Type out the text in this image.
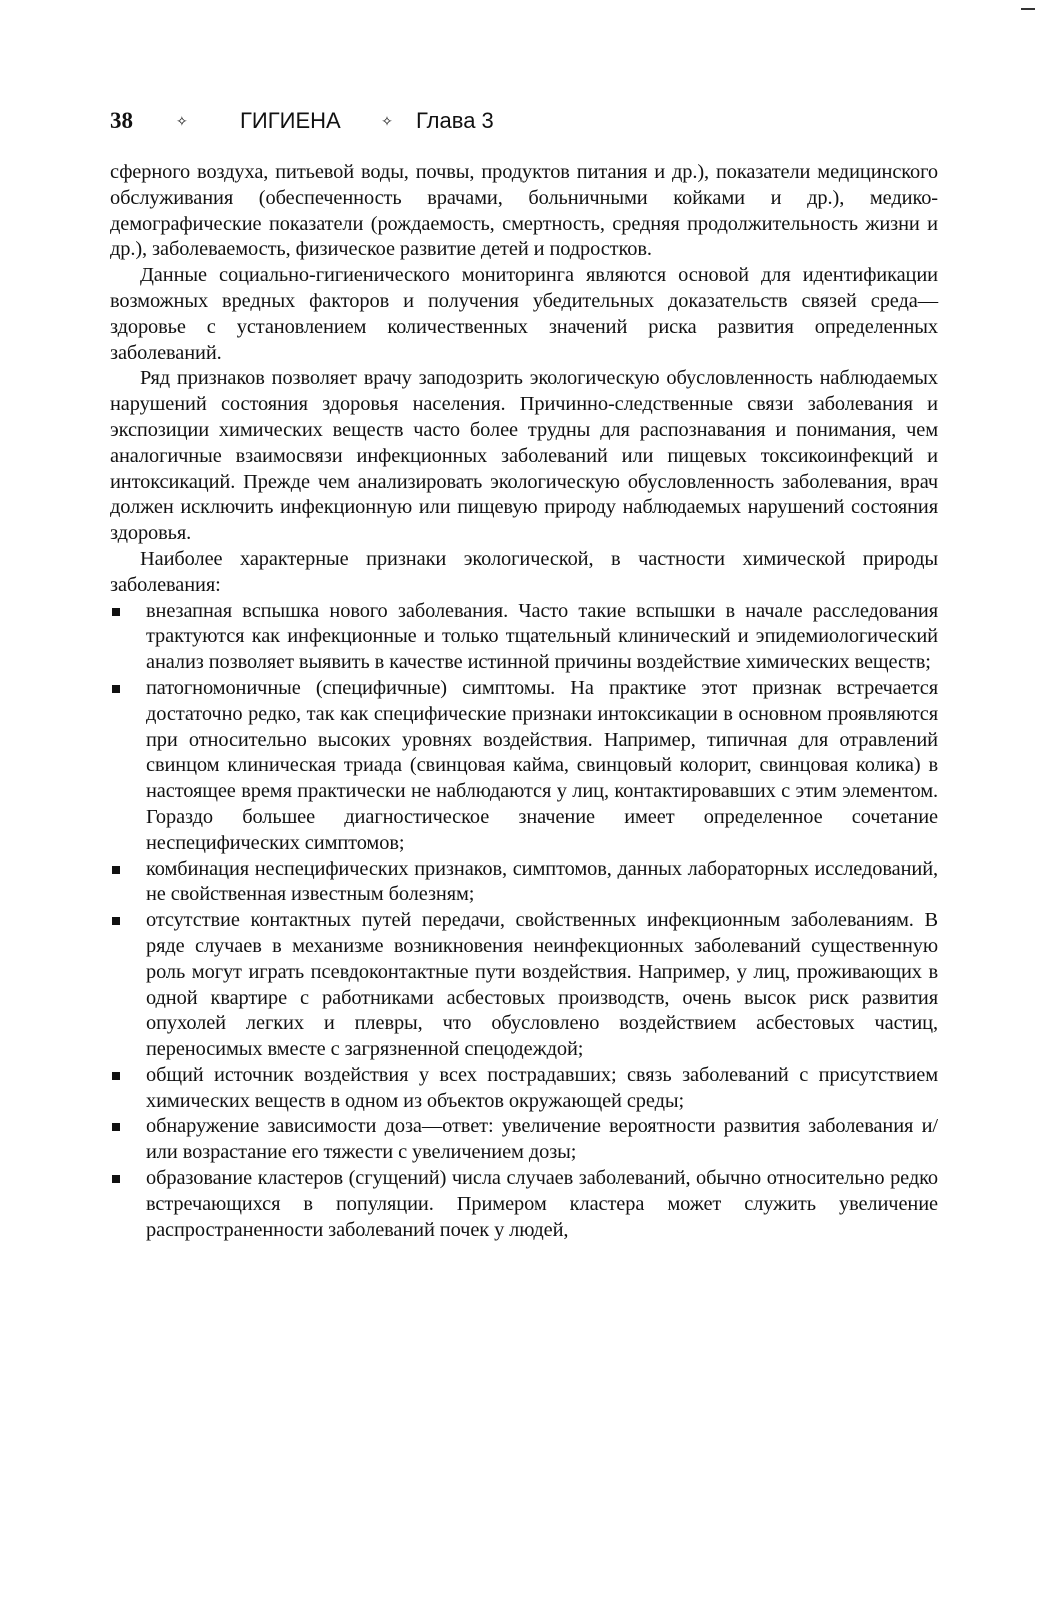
38	✧	ГИГИЕНА	✧	Глава 3

сферного воздуха, питьевой воды, почвы, продуктов питания и др.), показатели медицинского обслуживания (обеспеченность врачами, больничными койками и др.), медико-демографические показатели (рождаемость, смертность, средняя продолжительность жизни и др.), заболеваемость, физическое развитие детей и подростков.

Данные социально-гигиенического мониторинга являются основой для идентификации возможных вредных факторов и получения убедительных доказательств связей среда—здоровье с установлением количественных значений риска развития определенных заболеваний.

Ряд признаков позволяет врачу заподозрить экологическую обусловленность наблюдаемых нарушений состояния здоровья населения. Причинно-следственные связи заболевания и экспозиции химических веществ часто более трудны для распознавания и понимания, чем аналогичные взаимосвязи инфекционных заболеваний или пищевых токсикоинфекций и интоксикаций. Прежде чем анализировать экологическую обусловленность заболевания, врач должен исключить инфекционную или пищевую природу наблюдаемых нарушений состояния здоровья.

Наиболее характерные признаки экологической, в частности химической природы заболевания:

внезапная вспышка нового заболевания. Часто такие вспышки в начале расследования трактуются как инфекционные и только тщательный клинический и эпидемиологический анализ позволяет выявить в качестве истинной причины воздействие химических веществ;
патогномоничные (специфичные) симптомы. На практике этот признак встречается достаточно редко, так как специфические признаки интоксикации в основном проявляются при относительно высоких уровнях воздействия. Например, типичная для отравлений свинцом клиническая триада (свинцовая кайма, свинцовый колорит, свинцовая колика) в настоящее время практически не наблюдаются у лиц, контактировавших с этим элементом. Гораздо большее диагностическое значение имеет определенное сочетание неспецифических симптомов;
комбинация неспецифических признаков, симптомов, данных лабораторных исследований, не свойственная известным болезням;
отсутствие контактных путей передачи, свойственных инфекционным заболеваниям. В ряде случаев в механизме возникновения неинфекционных заболеваний существенную роль могут играть псевдоконтактные пути воздействия. Например, у лиц, проживающих в одной квартире с работниками асбестовых производств, очень высок риск развития опухолей легких и плевры, что обусловлено воздействием асбестовых частиц, переносимых вместе с загрязненной спецодеждой;
общий источник воздействия у всех пострадавших; связь заболеваний с присутствием химических веществ в одном из объектов окружающей среды;
обнаружение зависимости доза—ответ: увеличение вероятности развития заболевания и/или возрастание его тяжести с увеличением дозы;
образование кластеров (сгущений) числа случаев заболеваний, обычно относительно редко встречающихся в популяции. Примером кластера может служить увеличение распространенности заболеваний почек у людей,
